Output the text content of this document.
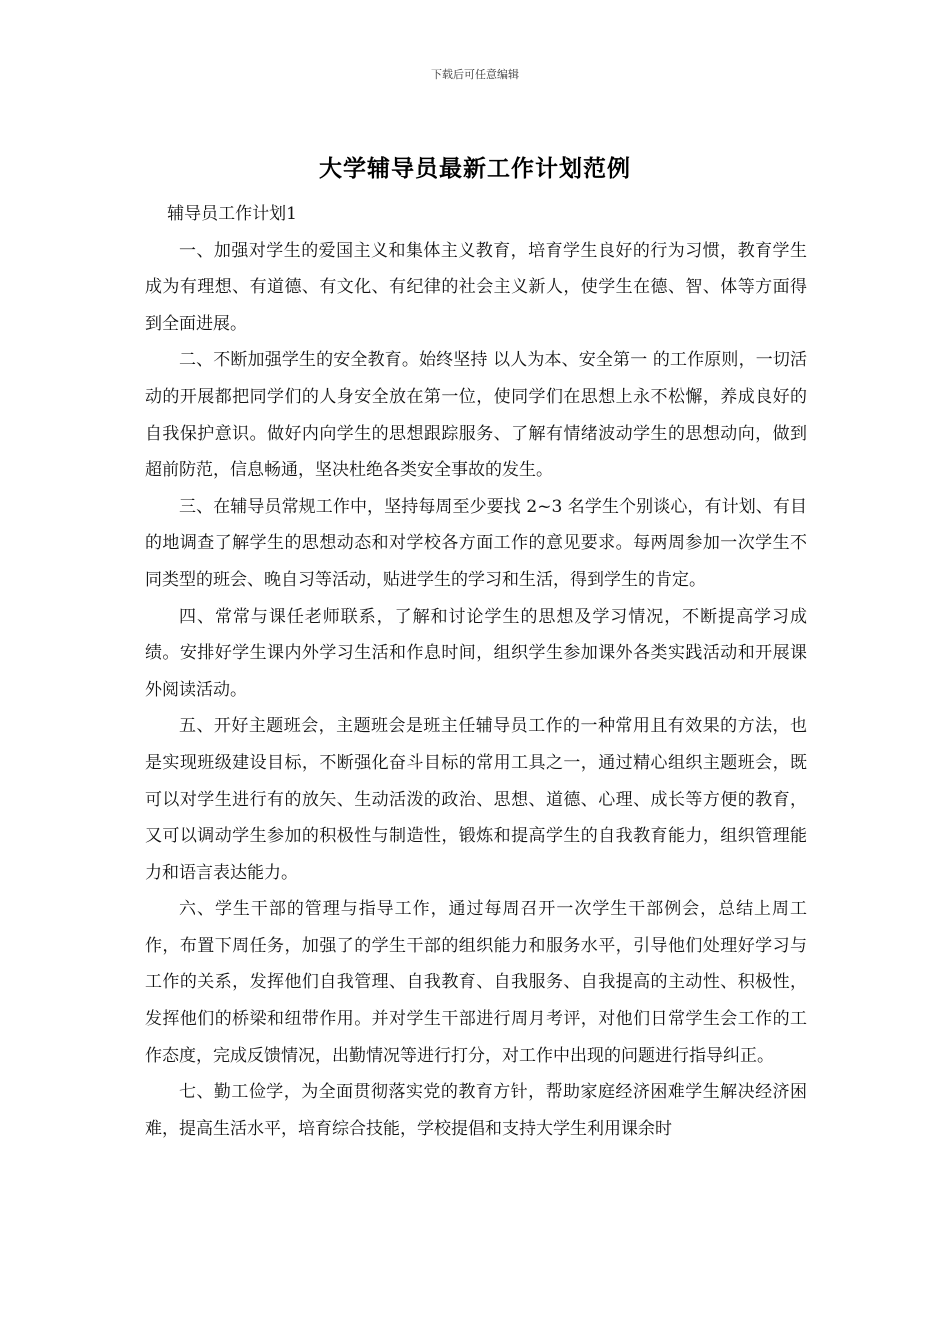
下载后可任意编辑
大学辅导员最新工作计划范例

辅导员工作计划1

一、加强对学生的爱国主义和集体主义教育，培育学生良好的行为习惯，教育学生成为有理想、有道德、有文化、有纪律的社会主义新人，使学生在德、智、体等方面得到全面进展。

二、不断加强学生的安全教育。始终坚持 以人为本、安全第一 的工作原则，一切活动的开展都把同学们的人身安全放在第一位，使同学们在思想上永不松懈，养成良好的自我保护意识。做好内向学生的思想跟踪服务、了解有情绪波动学生的思想动向，做到超前防范，信息畅通，坚决杜绝各类安全事故的发生。

三、在辅导员常规工作中，坚持每周至少要找 2~3 名学生个别谈心，有计划、有目的地调查了解学生的思想动态和对学校各方面工作的意见要求。每两周参加一次学生不同类型的班会、晚自习等活动，贴进学生的学习和生活，得到学生的肯定。

四、常常与课任老师联系，了解和讨论学生的思想及学习情况，不断提高学习成绩。安排好学生课内外学习生活和作息时间，组织学生参加课外各类实践活动和开展课外阅读活动。

五、开好主题班会，主题班会是班主任辅导员工作的一种常用且有效果的方法，也是实现班级建设目标，不断强化奋斗目标的常用工具之一，通过精心组织主题班会，既可以对学生进行有的放矢、生动活泼的政治、思想、道德、心理、成长等方便的教育，又可以调动学生参加的积极性与制造性，锻炼和提高学生的自我教育能力，组织管理能力和语言表达能力。

六、学生干部的管理与指导工作，通过每周召开一次学生干部例会，总结上周工作，布置下周任务，加强了的学生干部的组织能力和服务水平，引导他们处理好学习与工作的关系，发挥他们自我管理、自我教育、自我服务、自我提高的主动性、积极性，发挥他们的桥梁和纽带作用。并对学生干部进行周月考评，对他们日常学生会工作的工作态度，完成反馈情况，出勤情况等进行打分，对工作中出现的问题进行指导纠正。

七、勤工俭学，为全面贯彻落实党的教育方针，帮助家庭经济困难学生解决经济困难，提高生活水平，培育综合技能，学校提倡和支持大学生利用课余时
